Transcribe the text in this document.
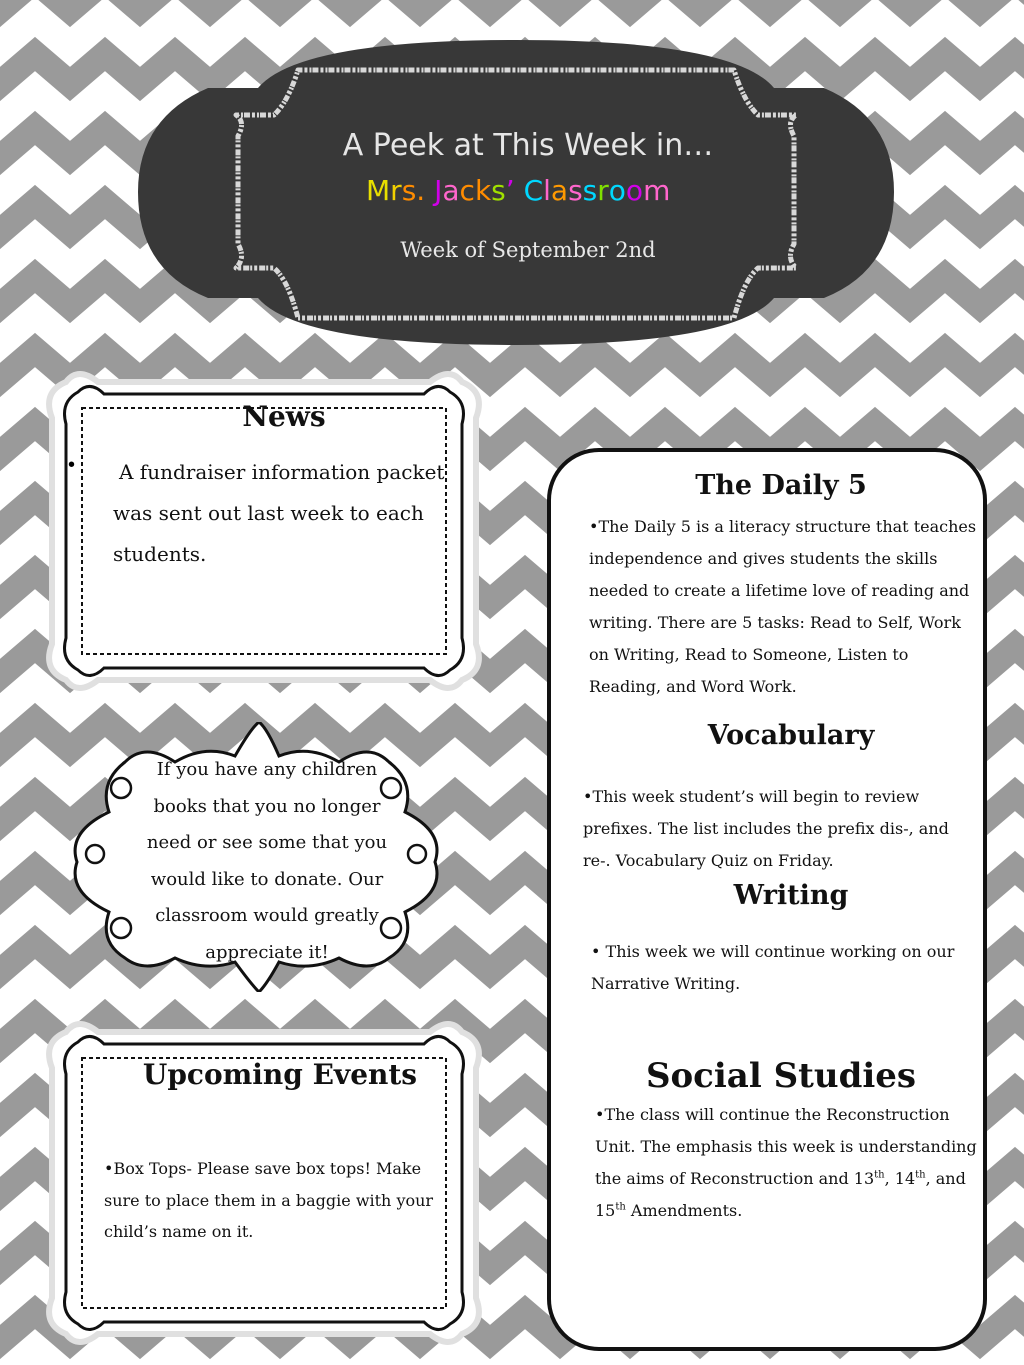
A Peek at This Week in…
Mrs. Jacks’ Classroom
Week of September 2nd
News
•	A fundraiser information packet was sent out last week to each students.
If you have any children books that you no longer need or see some that you would like to donate. Our classroom would greatly appreciate it!
Upcoming Events
•Box Tops- Please save box tops! Make sure to place them in a baggie with your child’s name on it.
The Daily 5
•The Daily 5 is a literacy structure that teaches independence and gives students the skills needed to create a lifetime love of reading and writing. There are 5 tasks: Read to Self, Work on Writing, Read to Someone, Listen to Reading, and Word Work.
Vocabulary
•This week student’s will begin to review prefixes. The list includes the prefix dis-, and re-. Vocabulary Quiz on Friday.
Writing
• This week we will continue working on our Narrative Writing.
Social Studies
•The class will continue the Reconstruction Unit. The emphasis this week is understanding the aims of Reconstruction and 13th, 14th, and 15th Amendments.
